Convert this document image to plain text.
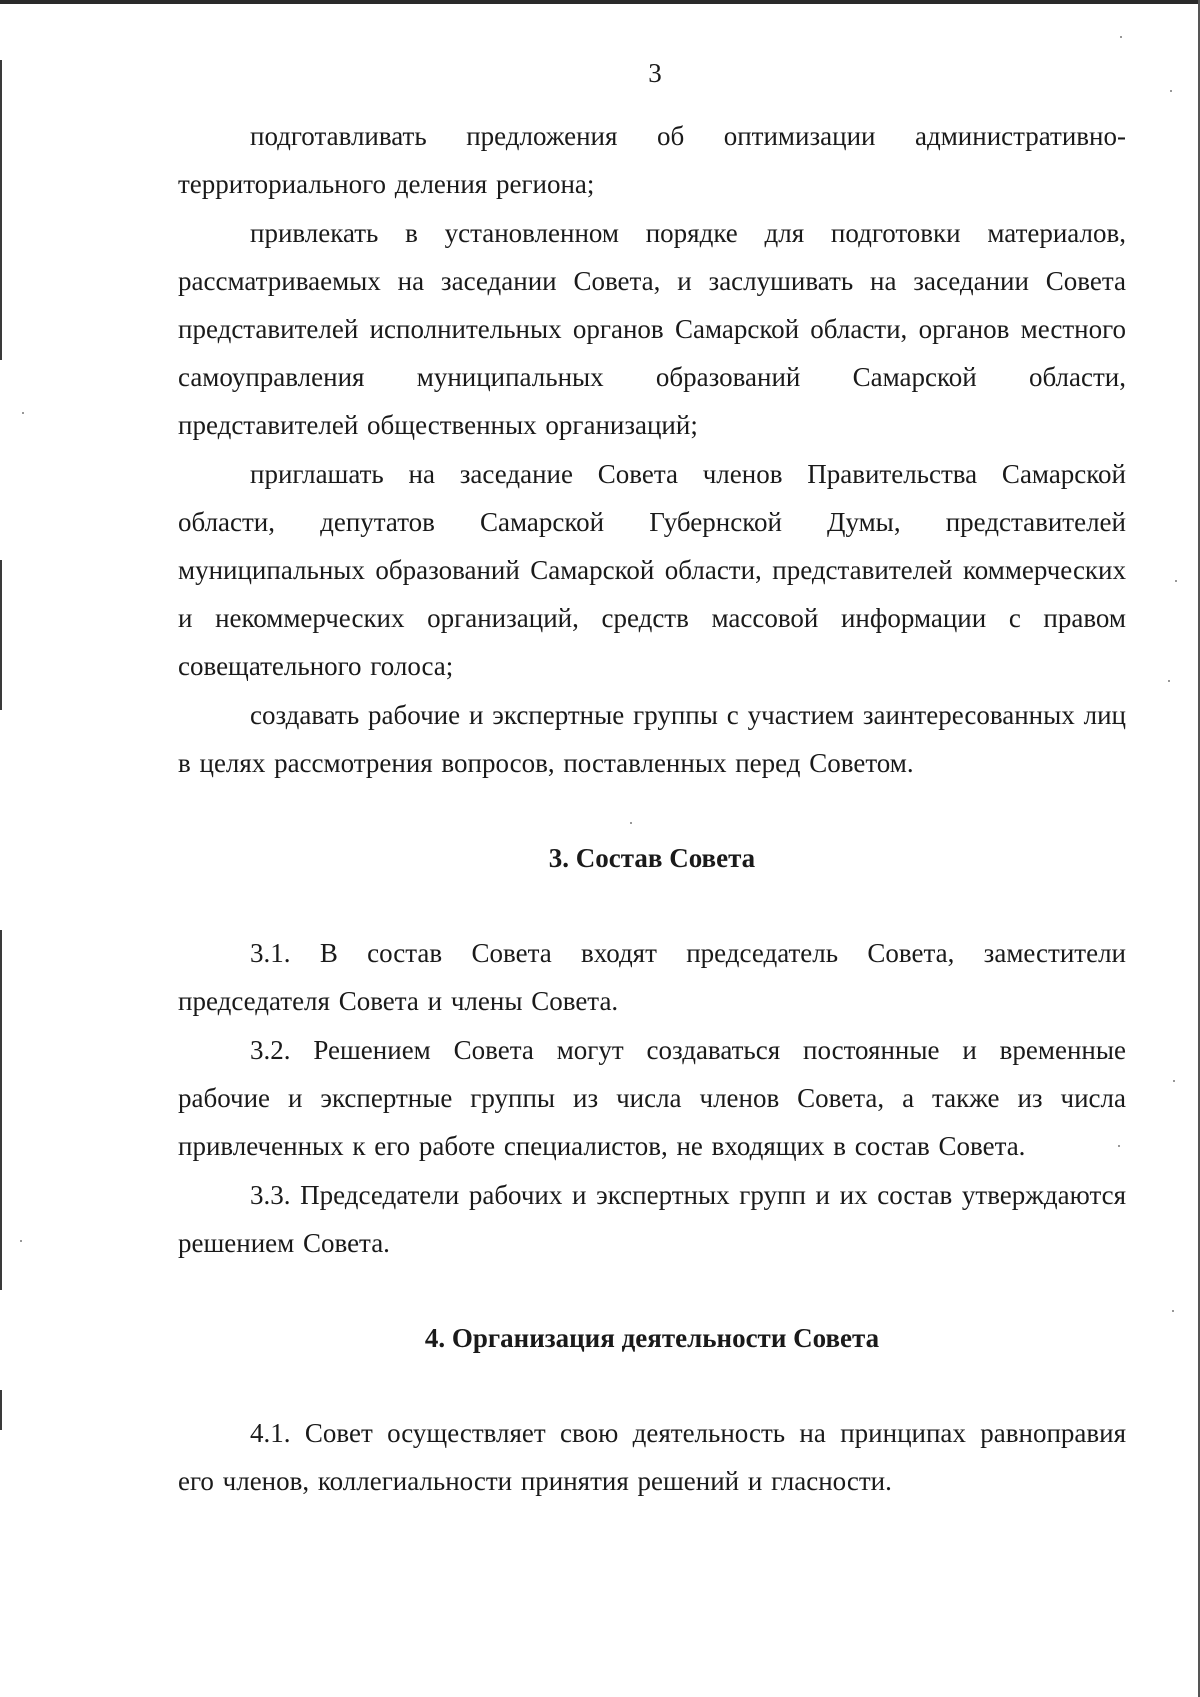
3

подготавливать предложения об оптимизации административно-территориального деления региона;

привлекать в установленном порядке для подготовки материалов, рассматриваемых на заседании Совета, и заслушивать на заседании Совета представителей исполнительных органов Самарской области, органов местного самоуправления муниципальных образований Самарской области, представителей общественных организаций;

приглашать на заседание Совета членов Правительства Самарской области, депутатов Самарской Губернской Думы, представителей муниципальных образований Самарской области, представителей коммерческих и некоммерческих организаций, средств массовой информации с правом совещательного голоса;

создавать рабочие и экспертные группы с участием заинтересованных лиц в целях рассмотрения вопросов, поставленных перед Советом.

3. Состав Совета

3.1. В состав Совета входят председатель Совета, заместители председателя Совета и члены Совета.

3.2. Решением Совета могут создаваться постоянные и временные рабочие и экспертные группы из числа членов Совета, а также из числа привлеченных к его работе специалистов, не входящих в состав Совета.

3.3. Председатели рабочих и экспертных групп и их состав утверждаются решением Совета.

4. Организация деятельности Совета

4.1. Совет осуществляет свою деятельность на принципах равноправия его членов, коллегиальности принятия решений и гласности.
